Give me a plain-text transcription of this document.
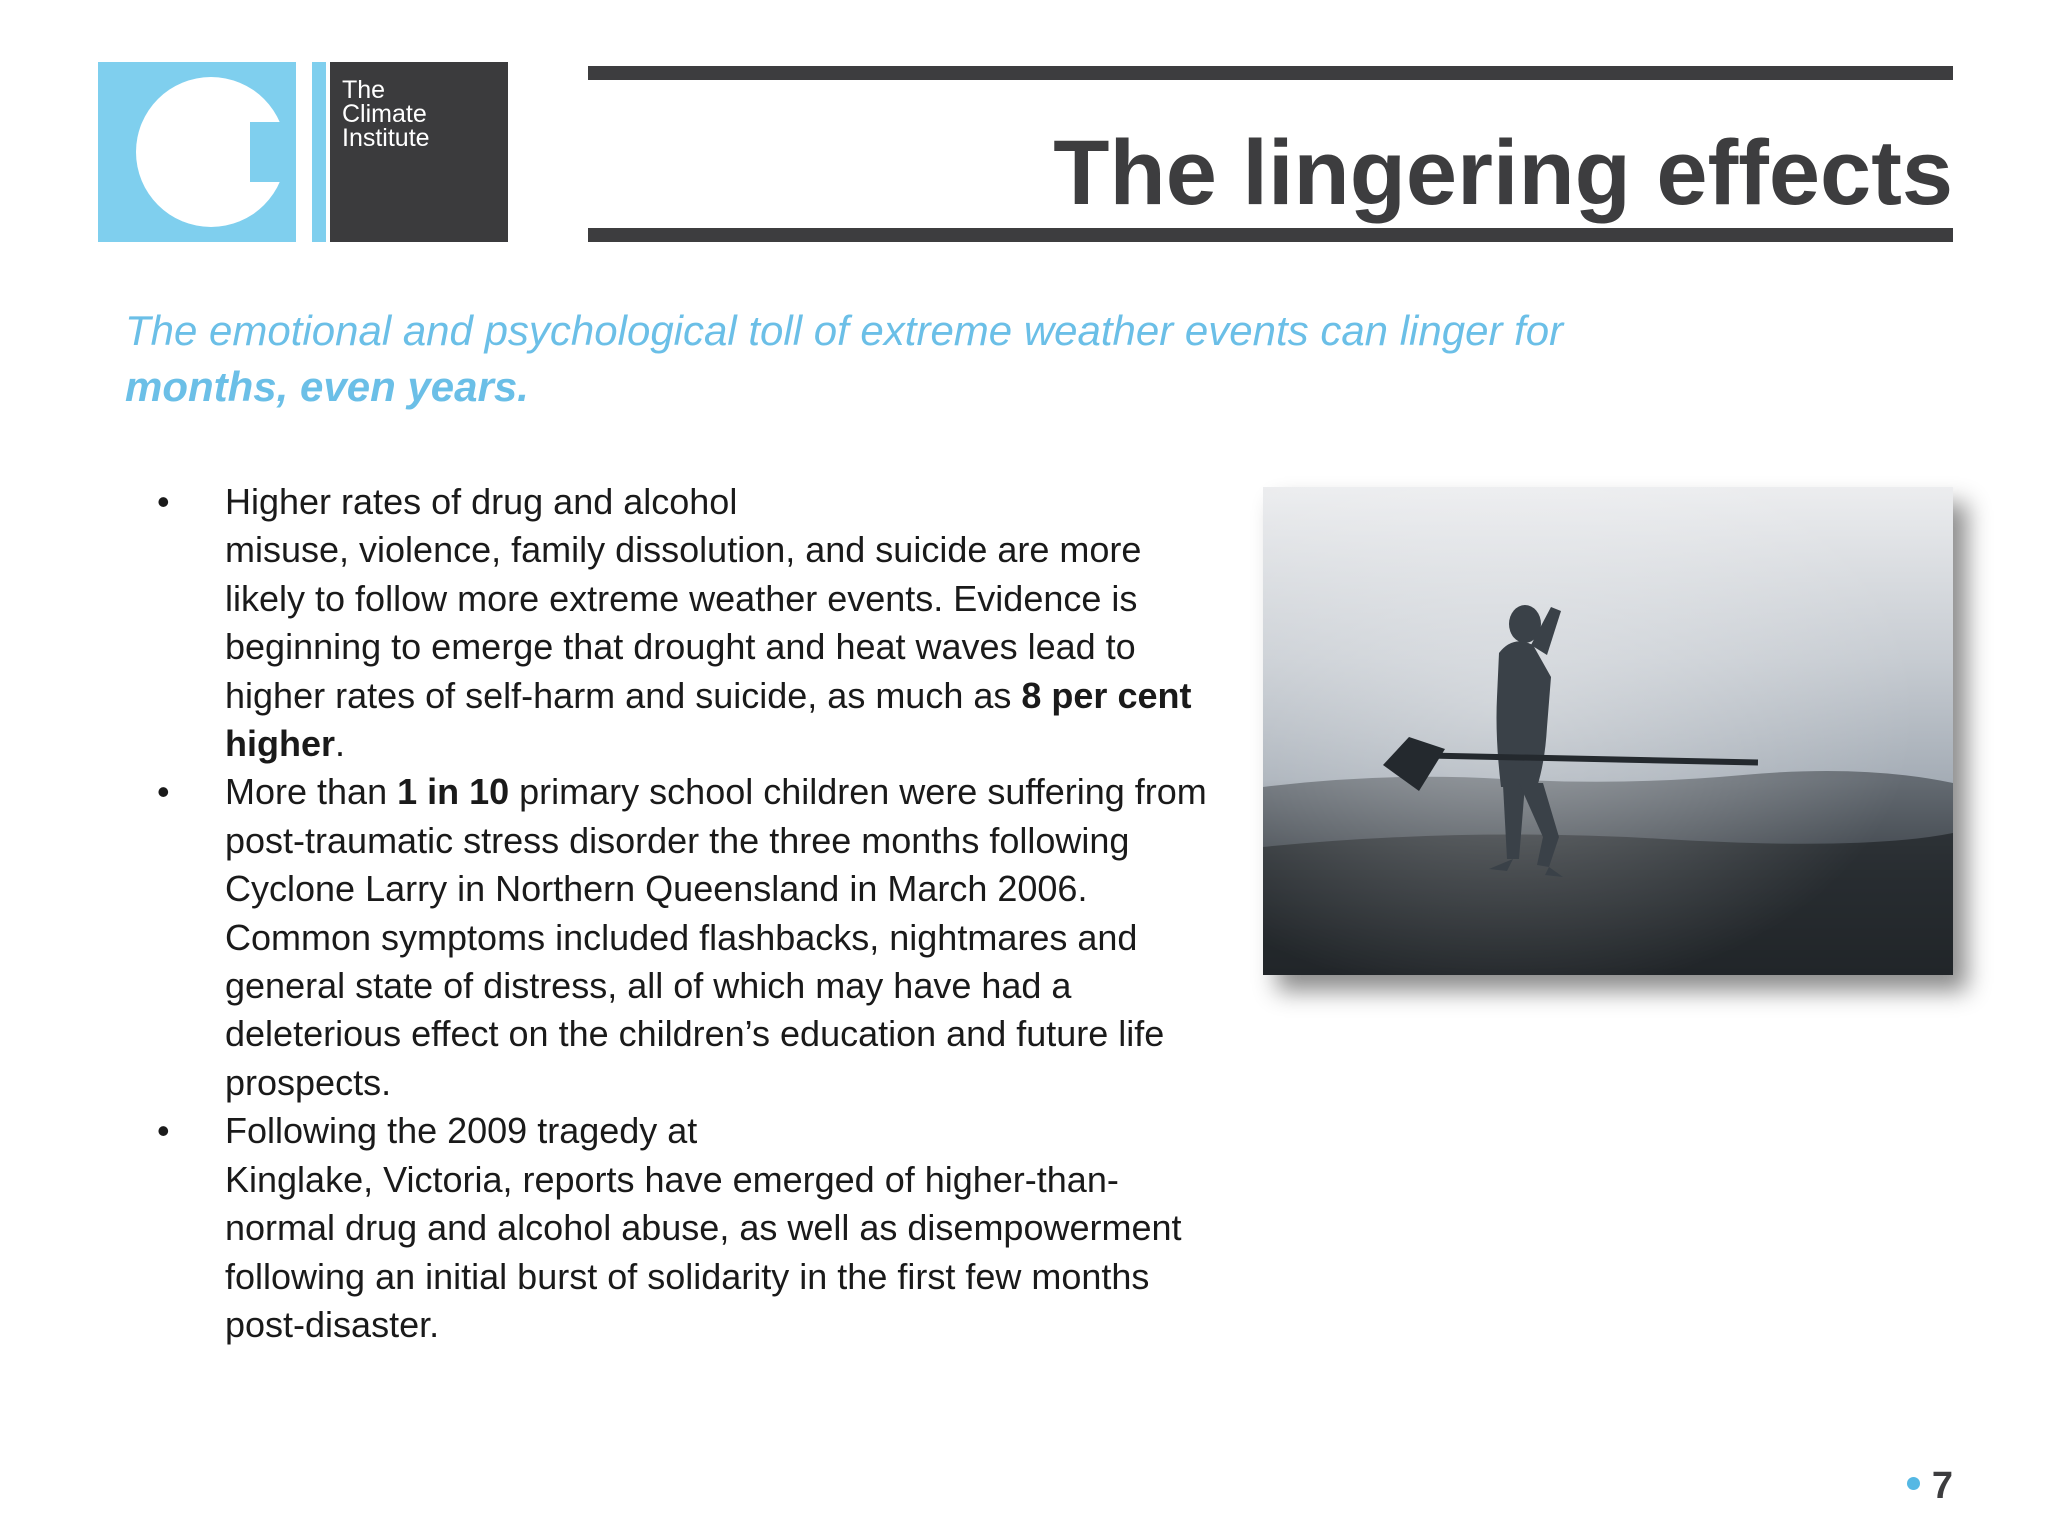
The
Climate
Institute	The lingering effects

The emotional and psychological toll of extreme weather events can linger for
months, even years.

• Higher rates of drug and alcohol
misuse, violence, family dissolution, and suicide are more likely to follow more extreme weather events. Evidence is beginning to emerge that drought and heat waves lead to higher rates of self-harm and suicide, as much as 8 per cent higher.
• More than 1 in 10 primary school children were suffering from post-traumatic stress disorder the three months following Cyclone Larry in Northern Queensland in March 2006. Common symptoms included flashbacks, nightmares and general state of distress, all of which may have had a deleterious effect on the children’s education and future life prospects.
• Following the 2009 tragedy at
Kinglake, Victoria, reports have emerged of higher-than-normal drug and alcohol abuse, as well as disempowerment following an initial burst of solidarity in the first few months post-disaster.
7
